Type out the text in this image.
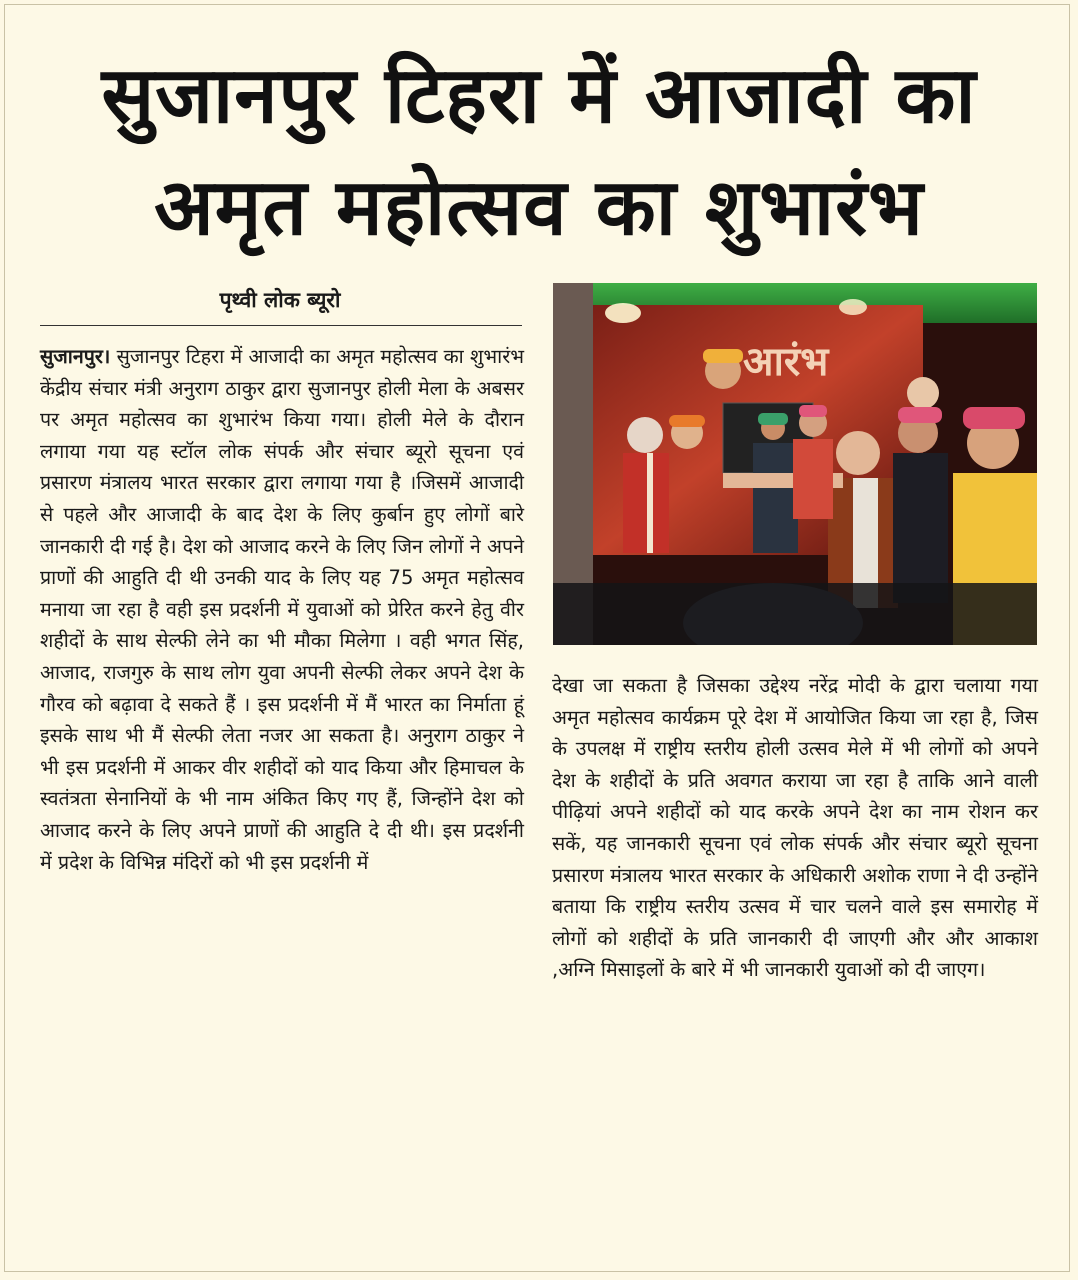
सुजानपुर टिहरा में आजादी का
अमृत महोत्सव का शुभारंभ
पृथ्वी लोक ब्यूरो

सुजानपुर। सुजानपुर टिहरा में आजादी का अमृत महोत्सव का शुभारंभ केंद्रीय संचार मंत्री अनुराग ठाकुर द्वारा सुजानपुर होली मेला के अबसर पर अमृत महोत्सव का शुभारंभ किया गया। होली मेले के दौरान लगाया गया यह स्टॉल लोक संपर्क और संचार ब्यूरो सूचना एवं प्रसारण मंत्रालय भारत सरकार द्वारा लगाया गया है ।जिसमें आजादी से पहले और आजादी के बाद देश के लिए कुर्बान हुए लोगों बारे जानकारी दी गई है। देश को आजाद करने के लिए जिन लोगों ने अपने प्राणों की आहुति दी थी उनकी याद के लिए यह 75 अमृत महोत्सव मनाया जा रहा है वही इस प्रदर्शनी में युवाओं को प्रेरित करने हेतु वीर शहीदों के साथ सेल्फी लेने का भी मौका मिलेगा । वही भगत सिंह, आजाद, राजगुरु के साथ लोग युवा अपनी सेल्फी लेकर अपने देश के गौरव को बढ़ावा दे सकते हैं । इस प्रदर्शनी में मैं भारत का निर्माता हूं इसके साथ भी मैं सेल्फी लेता नजर आ सकता है। अनुराग ठाकुर ने भी इस प्रदर्शनी में आकर वीर शहीदों को याद किया और हिमाचल के स्वतंत्रता सेनानियों के भी नाम अंकित किए गए हैं, जिन्होंने देश को आजाद करने के लिए अपने प्राणों की आहुति दे दी थी। इस प्रदर्शनी में प्रदेश के विभिन्न मंदिरों को भी इस प्रदर्शनी में

आरंभ

देखा जा सकता है जिसका उद्देश्य नरेंद्र मोदी के द्वारा चलाया गया अमृत महोत्सव कार्यक्रम पूरे देश में आयोजित किया जा रहा है, जिस के उपलक्ष में राष्ट्रीय स्तरीय होली उत्सव मेले में भी लोगों को अपने देश के शहीदों के प्रति अवगत कराया जा रहा है ताकि आने वाली पीढ़ियां अपने शहीदों को याद करके अपने देश का नाम रोशन कर सकें, यह जानकारी सूचना एवं लोक संपर्क और संचार ब्यूरो सूचना प्रसारण मंत्रालय भारत सरकार के अधिकारी अशोक राणा ने दी उन्होंने बताया कि राष्ट्रीय स्तरीय उत्सव में चार चलने वाले इस समारोह में लोगों को शहीदों के प्रति जानकारी दी जाएगी और और आकाश ,अग्नि मिसाइलों के बारे में भी जानकारी युवाओं को दी जाएग।
